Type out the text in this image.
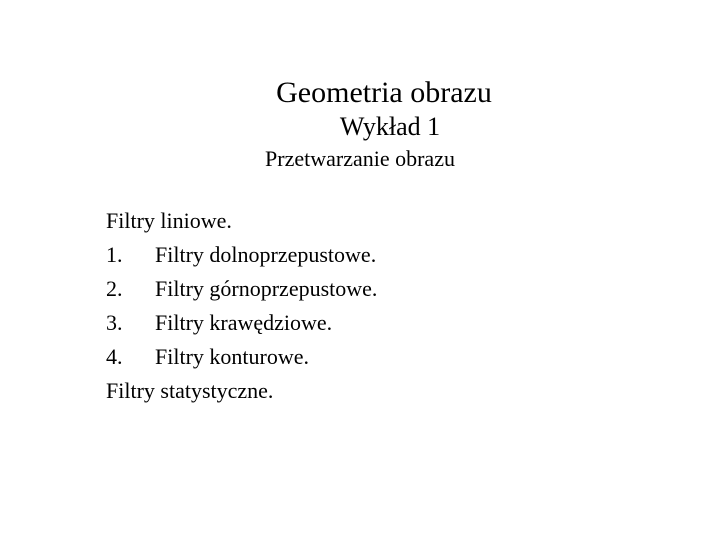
Geometria obrazu
Wykład 1
Przetwarzanie obrazu
Filtry liniowe.
1. Filtry dolnoprzepustowe.
2. Filtry górnoprzepustowe.
3. Filtry krawędziowe.
4. Filtry konturowe.
Filtry statystyczne.
